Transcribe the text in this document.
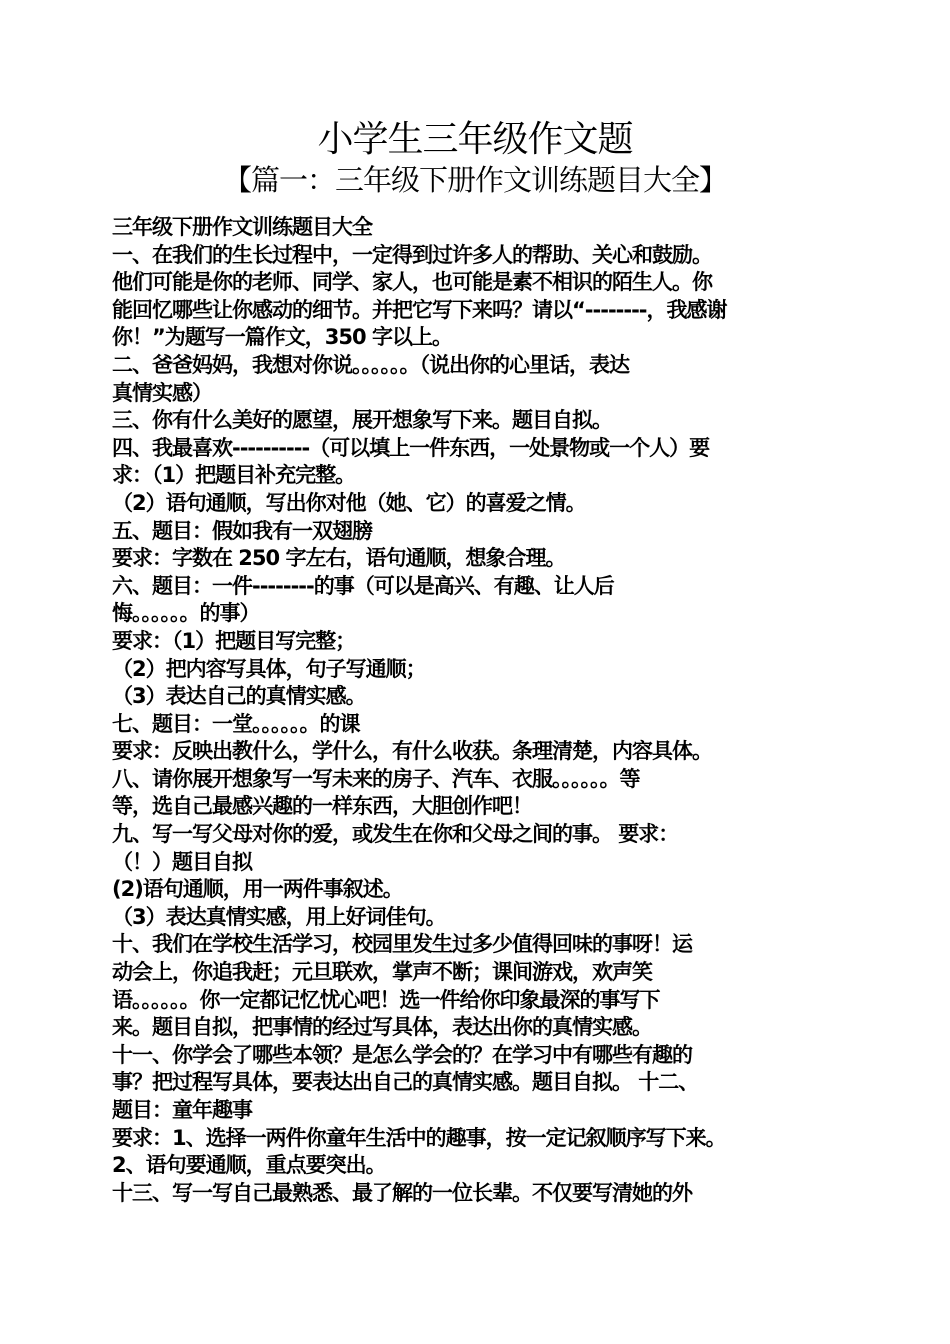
小学生三年级作文题
【篇一：三年级下册作文训练题目大全】
三年级下册作文训练题目大全
一、在我们的生长过程中，一定得到过许多人的帮助、关心和鼓励。
他们可能是你的老师、同学、家人，也可能是素不相识的陌生人。你
能回忆哪些让你感动的细节。并把它写下来吗？请以“--------，我感谢
你！”为题写一篇作文，350 字以上。
二、爸爸妈妈，我想对你说。。。。。。（说出你的心里话，表达
真情实感）
三、你有什么美好的愿望，展开想象写下来。题目自拟。
四、我最喜欢----------（可以填上一件东西，一处景物或一个人）要
求：（1）把题目补充完整。
（2）语句通顺，写出你对他（她、它）的喜爱之情。
五、题目：假如我有一双翅膀
要求：字数在 250 字左右，语句通顺，想象合理。
六、题目：一件--------的事（可以是高兴、有趣、让人后
悔。。。。。。的事）
要求：（1）把题目写完整；
（2）把内容写具体，句子写通顺；
（3）表达自己的真情实感。
七、题目：一堂。。。。。。的课
要求：反映出教什么，学什么，有什么收获。条理清楚，内容具体。
八、请你展开想象写一写未来的房子、汽车、衣服。。。。。。等
等，选自己最感兴趣的一样东西，大胆创作吧！
九、写一写父母对你的爱，或发生在你和父母之间的事。 要求：
（！）题目自拟
(2)语句通顺，用一两件事叙述。
（3）表达真情实感，用上好词佳句。
十、我们在学校生活学习，校园里发生过多少值得回味的事呀！运
动会上，你追我赶；元旦联欢，掌声不断；课间游戏，欢声笑
语。。。。。。你一定都记忆忧心吧！选一件给你印象最深的事写下
来。题目自拟，把事情的经过写具体，表达出你的真情实感。
十一、你学会了哪些本领？是怎么学会的？在学习中有哪些有趣的
事？把过程写具体，要表达出自己的真情实感。题目自拟。 十二、
题目：童年趣事
要求：1、选择一两件你童年生活中的趣事，按一定记叙顺序写下来。
2、语句要通顺，重点要突出。
十三、写一写自己最熟悉、最了解的一位长辈。不仅要写清她的外
